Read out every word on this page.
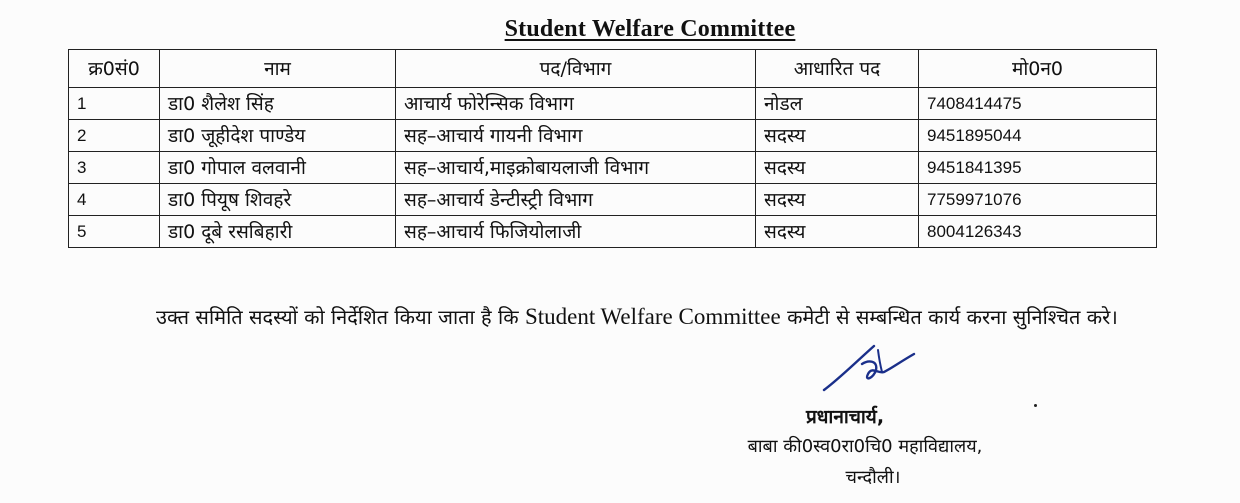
Student Welfare Committee
क्र0सं0	नाम	पद/विभाग	आधारित पद	मो0न0
1	डा0 शैलेश सिंह	आचार्य फोरेन्सिक विभाग	नोडल	7408414475
2	डा0 जूहीदेश पाण्डेय	सह–आचार्य गायनी विभाग	सदस्य	9451895044
3	डा0 गोपाल वलवानी	सह–आचार्य,माइक्रोबायलाजी विभाग	सदस्य	9451841395
4	डा0 पियूष शिवहरे	सह–आचार्य डेन्टीस्ट्री विभाग	सदस्य	7759971076
5	डा0 दूबे रसबिहारी	सह–आचार्य फिजियोलाजी	सदस्य	8004126343

उक्त समिति सदस्यों को निर्देशित किया जाता है कि Student Welfare Committee कमेटी से सम्बन्धित कार्य करना सुनिश्चित करे।

प्रधानाचार्य,
बाबा की0स्व0रा0चि0 महाविद्यालय,
चन्दौली।
